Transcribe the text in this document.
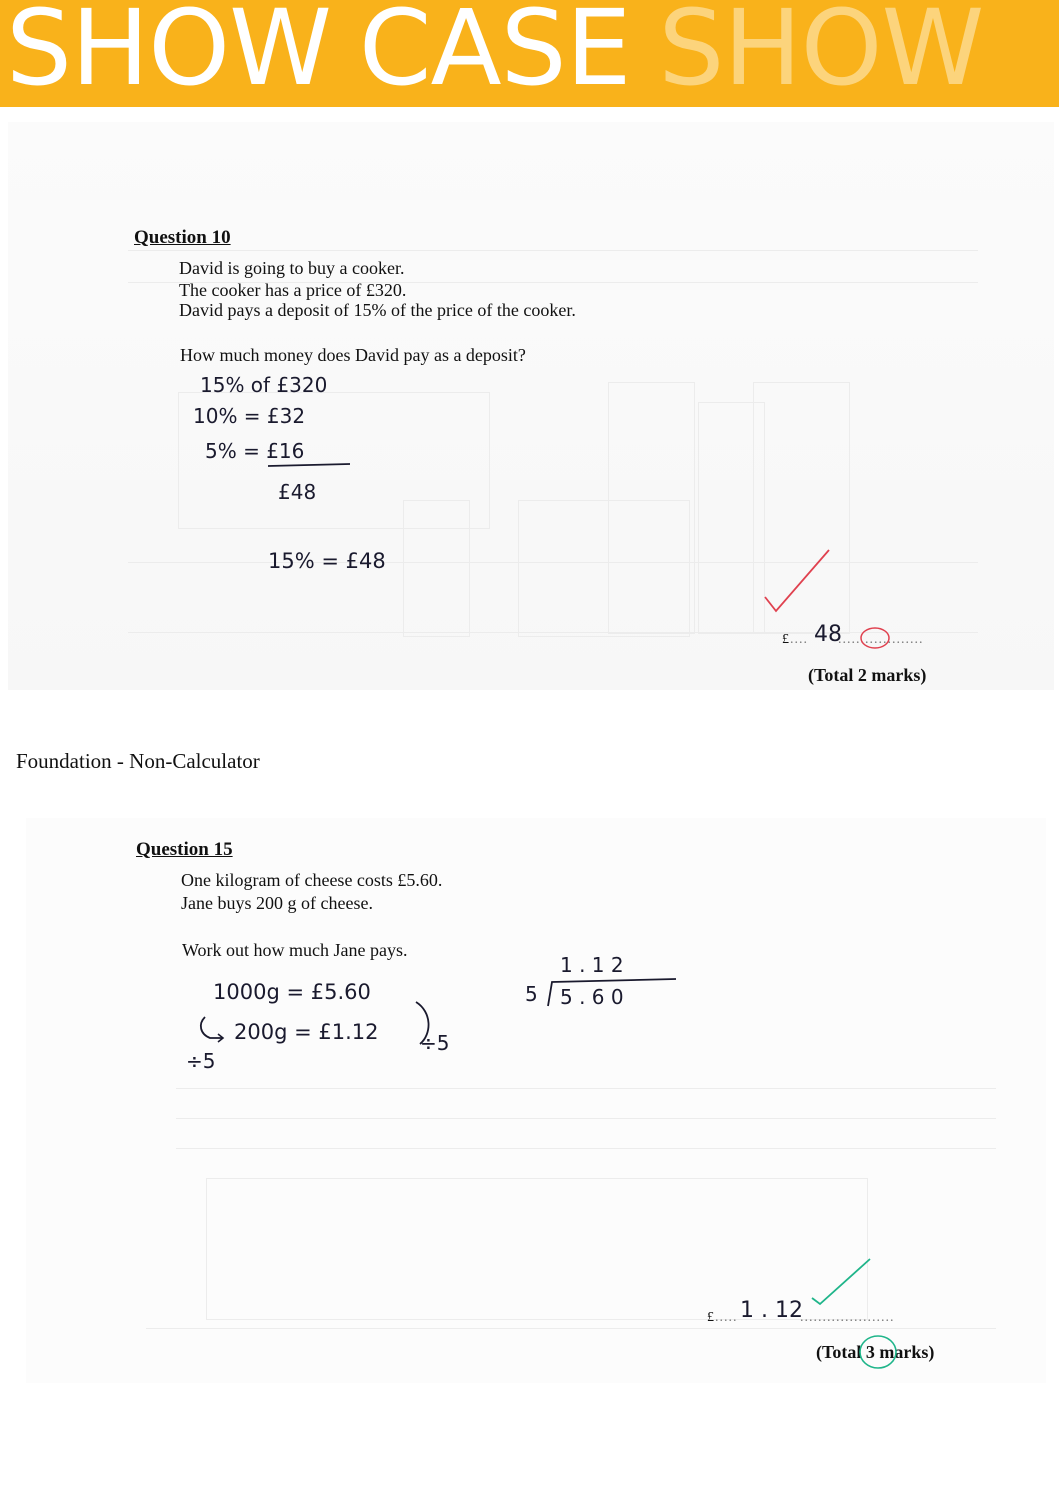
SHOW CASE SHOW
Question 10
David is going to buy a cooker.
The cooker has a price of £320.
David pays a deposit of 15% of the price of the cooker.
How much money does David pay as a deposit?
15% of £320
10% = £32
5% = £16
£48
15% = £48
£.... 48
...................
(Total 2 marks)
Foundation - Non-Calculator
Question 15
One kilogram of cheese costs £5.60.
Jane buys 200 g of cheese.
Work out how much Jane pays.
1000g = £5.60
200g = £1.12
÷5
÷5
1 . 1 2
5 5 . 6 0
£..... 1 . 12
.....................
(Total 3 marks)
